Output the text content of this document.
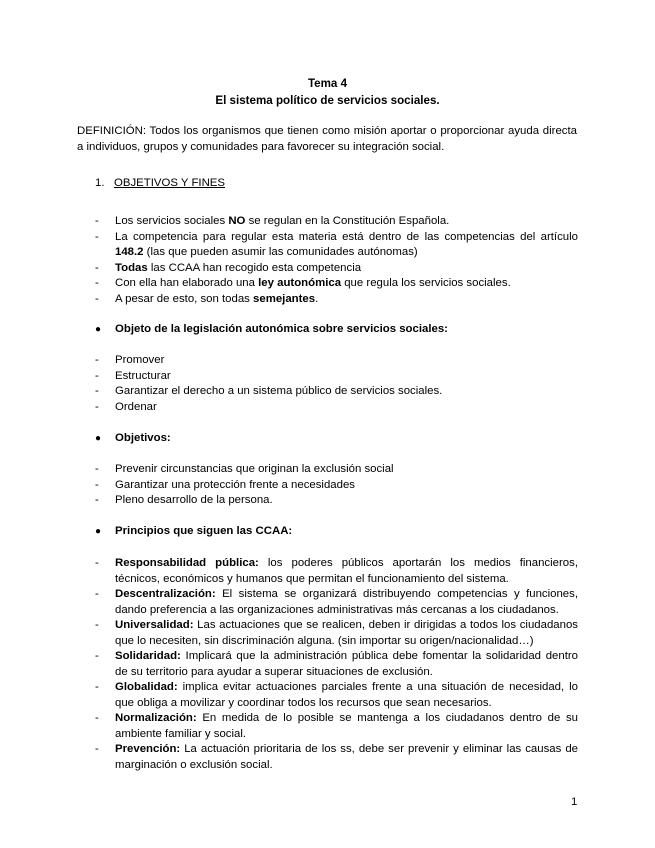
Tema 4
El sistema político de servicios sociales.
DEFINICIÓN: Todos los organismos que tienen como misión aportar o proporcionar ayuda directa a individuos, grupos y comunidades para favorecer su integración social.
1. OBJETIVOS Y FINES
- Los servicios sociales NO se regulan en la Constitución Española.
- La competencia para regular esta materia está dentro de las competencias del artículo 148.2 (las que pueden asumir las comunidades autónomas)
- Todas las CCAA han recogido esta competencia
- Con ella han elaborado una ley autonómica que regula los servicios sociales.
- A pesar de esto, son todas semejantes.
● Objeto de la legislación autonómica sobre servicios sociales:
- Promover
- Estructurar
- Garantizar el derecho a un sistema público de servicios sociales.
- Ordenar
● Objetivos:
- Prevenir circunstancias que originan la exclusión social
- Garantizar una protección frente a necesidades
- Pleno desarrollo de la persona.
● Principios que siguen las CCAA:
- Responsabilidad pública: los poderes públicos aportarán los medios financieros, técnicos, económicos y humanos que permitan el funcionamiento del sistema.
- Descentralización: El sistema se organizará distribuyendo competencias y funciones, dando preferencia a las organizaciones administrativas más cercanas a los ciudadanos.
- Universalidad: Las actuaciones que se realicen, deben ir dirigidas a todos los ciudadanos que lo necesiten, sin discriminación alguna. (sin importar su origen/nacionalidad…)
- Solidaridad: Implicará que la administración pública debe fomentar la solidaridad dentro de su territorio para ayudar a superar situaciones de exclusión.
- Globalidad: implica evitar actuaciones parciales frente a una situación de necesidad, lo que obliga a movilizar y coordinar todos los recursos que sean necesarios.
- Normalización: En medida de lo posible se mantenga a los ciudadanos dentro de su ambiente familiar y social.
- Prevención: La actuación prioritaria de los ss, debe ser prevenir y eliminar las causas de marginación o exclusión social.
1
